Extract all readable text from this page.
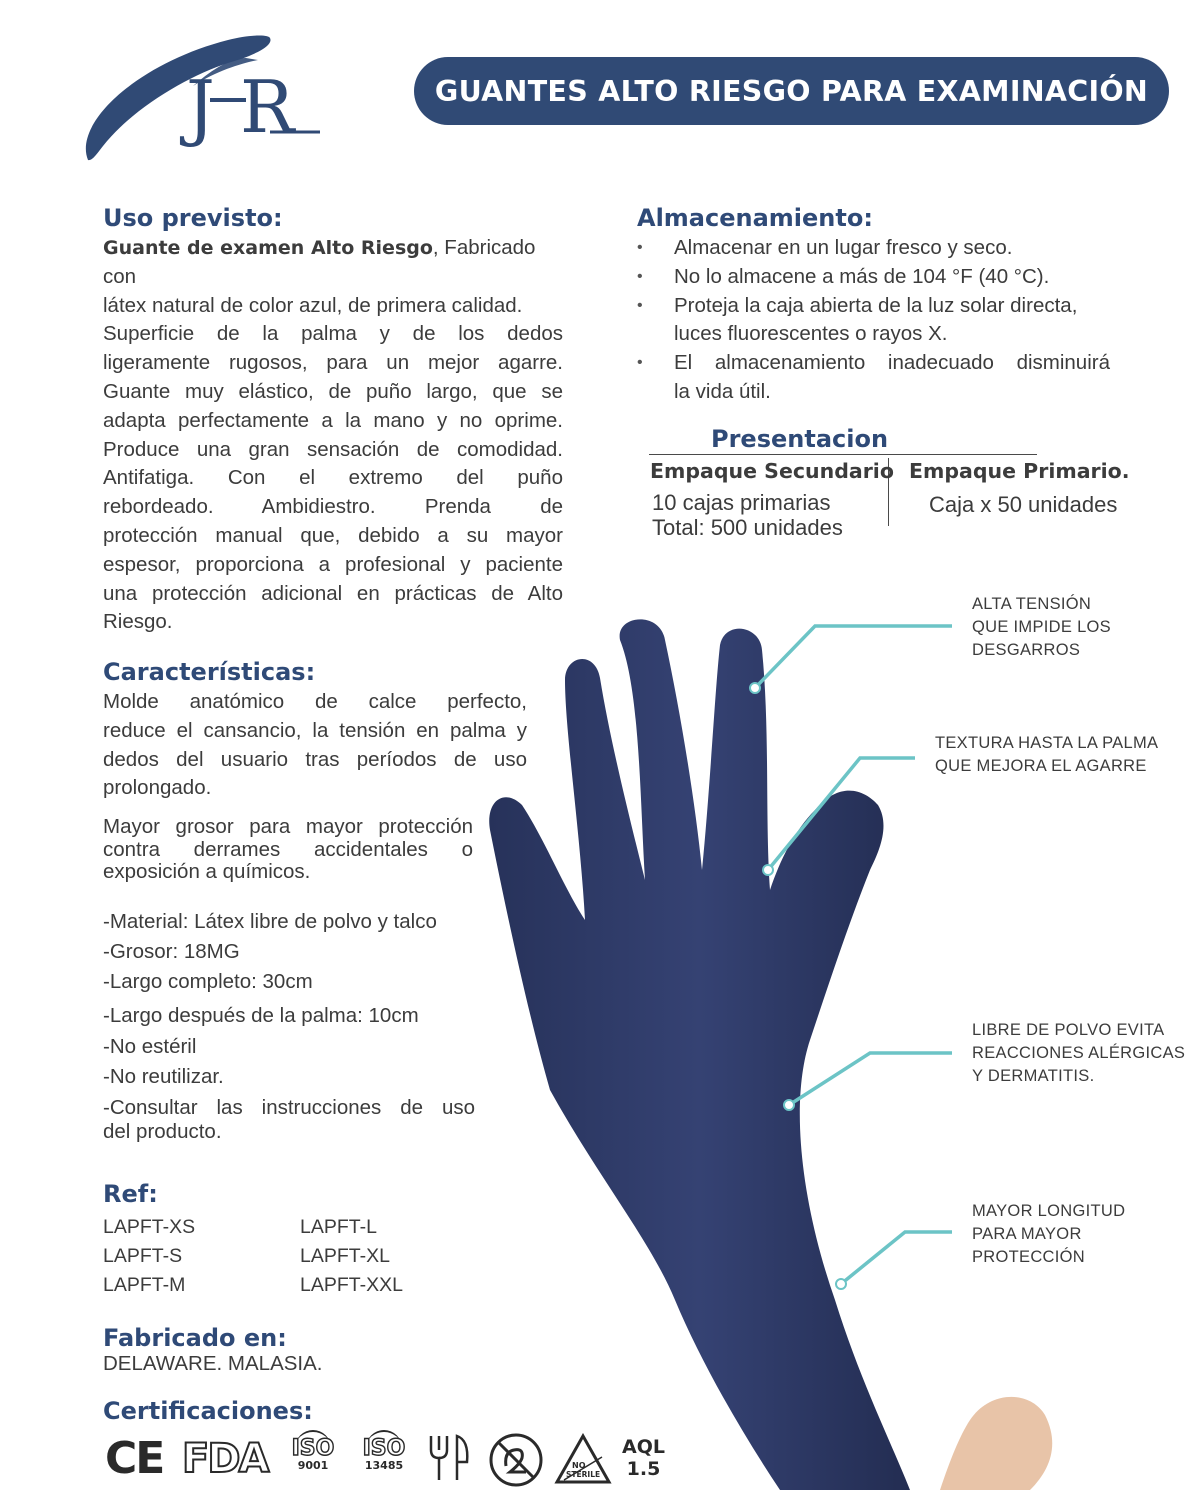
J R	GUANTES ALTO RIESGO PARA EXAMINACIÓN
Uso previsto:
Guante de examen Alto Riesgo, Fabricado con
látex natural de color azul, de primera calidad.
Superficie de la palma y de los dedos
ligeramente rugosos, para un mejor agarre.
Guante muy elástico, de puño largo, que se
adapta perfectamente a la mano y no oprime.
Produce una gran sensación de comodidad.
Antifatiga. Con el extremo del puño
rebordeado. Ambidiestro. Prenda de
protección manual que, debido a su mayor
espesor, proporciona a profesional y paciente
una protección adicional en prácticas de Alto
Riesgo.
Almacenamiento:
• Almacenar en un lugar fresco y seco.
• No lo almacene a más de 104 °F (40 °C).
• Proteja la caja abierta de la luz solar directa,
luces fluorescentes o rayos X.
• El almacenamiento inadecuado disminuirá
la vida útil.
Presentacion
Empaque Secundario Empaque Primario.
10 cajas primarias
Total: 500 unidades
Caja x 50 unidades
ALTA TENSIÓN
QUE IMPIDE LOS
DESGARROS
TEXTURA HASTA LA PALMA
QUE MEJORA EL AGARRE
LIBRE DE POLVO EVITA
REACCIONES ALÉRGICAS
Y DERMATITIS.
MAYOR LONGITUD
PARA MAYOR
PROTECCIÓN
Características:
Molde anatómico de calce perfecto,
reduce el cansancio, la tensión en palma y
dedos del usuario tras períodos de uso
prolongado.
Mayor grosor para mayor protección
contra derrames accidentales o
exposición a químicos.
-Material: Látex libre de polvo y talco
-Grosor: 18MG
-Largo completo: 30cm
-Largo después de la palma: 10cm
-No estéril
-No reutilizar.
-Consultar las instrucciones de uso
del producto.
Ref:
LAPFT-XS
LAPFT-S
LAPFT-M
LAPFT-L
LAPFT-XL
LAPFT-XXL
Fabricado en:
DELAWARE. MALASIA.
Certificaciones:
CE FDA ISO
9001
ISO
13485	NO
STERILE
AQL
1.5
